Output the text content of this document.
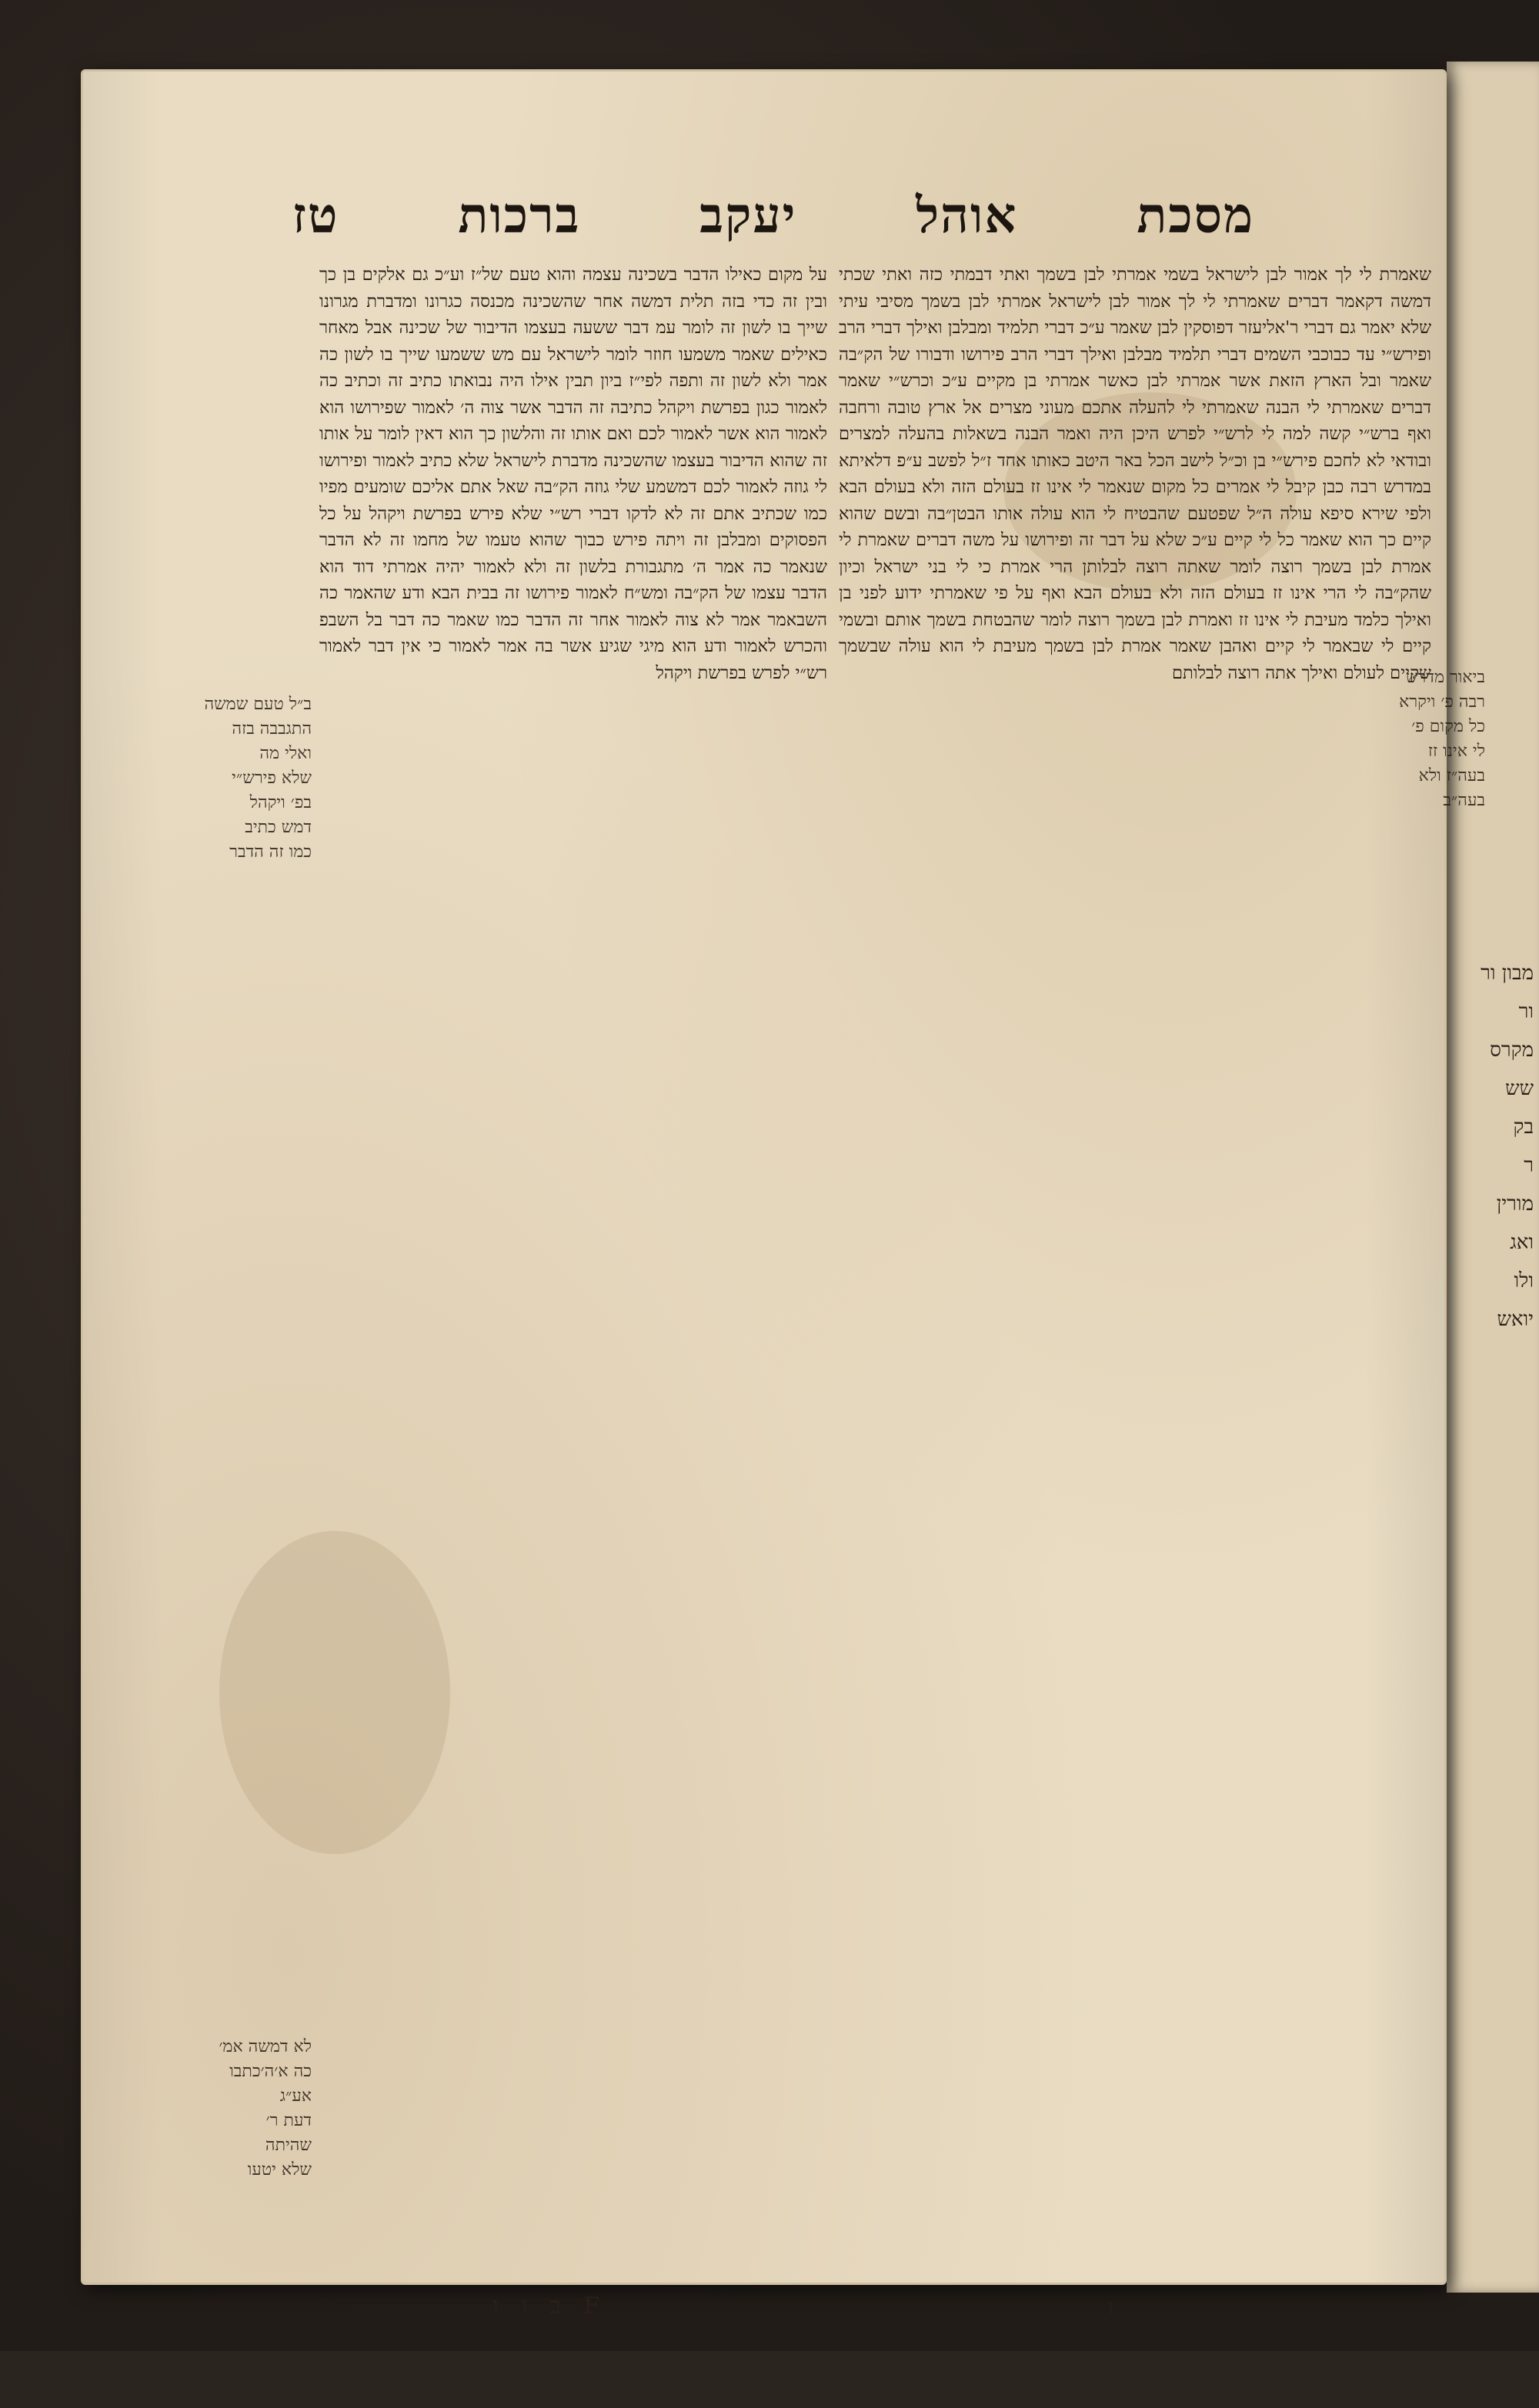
מבון ור
ור
מקרס
שש
בק
ר
מורין
ואג
ולו
יואש
מסכת
אוהל
יעקב
ברכות
טז

שאמרת לי לך אמור לבן לישראל בשמי אמרתי לבן בשמך ואתי דבמתי כזה ואתי שכתי דמשה דקאמר דברים שאמרתי לי לך אמור לבן לישראל אמרתי לבן בשמך מסיבי עיתי שלא יאמר גם דברי ר'אליעזר דפוסקין לבן שאמר ע״כ דברי תלמיד ומבלבן ואילך דברי הרב ופירש״י עד כבוכבי השמים דברי תלמיד מבלבן ואילך דברי הרב פירושו ודבורו של הק״בה שאמר ובל הארץ הזאת אשר אמרתי לבן כאשר אמרתי בן מקיים ע״כ וכרש״י שאמר דברים שאמרתי לי הבנה שאמרתי לי להעלה אתכם מעוני מצרים אל ארץ טובה ורחבה ואף ברש״י קשה למה לי לרש״י לפרש היכן היה ואמר הבנה בשאלות בהעלה למצרים ובודאי לא לחכם פירש״י בן וכ״ל לישב הכל באר היטב כאותו אחד ז״ל לפשב ע״פ דלאיתא במדרש רבה כבן קיבל לי אמרים כל מקום שנאמר לי אינו זז בעולם הזה ולא בעולם הבא ולפי שירא סיפא עולה ה״ל שפטעם שהבטיח לי הוא עולה אותו הבטן״בה ובשם שהוא קיים כך הוא שאמר כל לי קיים ע״כ שלא על דבר זה ופירושו על משה דברים שאמרת לי אמרת לבן בשמך רוצה לומר שאתה רוצה לבלותן הרי אמרת כי לי בני ישראל וכיון שהק״בה לי הרי אינו זז בעולם הזה ולא בעולם הבא ואף על פי שאמרתי ידוע לפני בן ואילך כלמד מעיבת לי אינו זז ואמרת לבן בשמך רוצה לומר שהבטחת בשמך אותם ובשמי קיים לי שבאמר לי קיים ואהבן שאמר אמרת לבן בשמך מעיבת לי הוא עולה שבשמך שקיים לעולם ואילך אתה רוצה לבלותם

על מקום כאילו הדבר בשכינה עצמה והוא טעם של״ז וע״כ גם אלקים בן כך ובין זה כדי בזה תלית דמשה אחר שהשכינה מכנסה כגרונו ומדברת מגרונו שייך בו לשון זה לומר עמ דבר ששעה בעצמו הדיבור של שכינה אבל מאחר כאילים שאמר משמעו חוזר לומר לישראל עם מש ששמעו שייך בו לשון כה אמר ולא לשון זה ותפה לפי״ז ביון תבין אילו היה נבואתו כתיב זה וכתיב כה לאמור כגון בפרשת ויקהל כתיבה זה הדבר אשר צוה ה׳ לאמור שפירושו הוא לאמור הוא אשר לאמור לכם ואם אותו זה והלשון כך הוא דאין לומר על אותו זה שהוא הדיבור בעצמו שהשכינה מדברת לישראל שלא כתיב לאמור ופירושו לי גוזה לאמור לכם דמשמע שלי גוזה הק״בה שאל אתם אליכם שומעים מפיו כמו שכתיב אתם זה לא לדקו דברי רש״י שלא פירש בפרשת ויקהל על כל הפסוקים ומבלבן זה ויתה פירש כבוך שהוא טעמו של מחמו זה לא הדבר שנאמר כה אמר ה׳ מתגבורת בלשון זה ולא לאמור יהיה אמרתי דוד הוא הדבר עצמו של הק״בה ומש״ח לאמור פירושו זה בבית הבא ודע שהאמר כה השבאמר אמר לא צוה לאמור אחר זה הדבר כמו שאמר כה דבר בל השבפ והכרש לאמור ודע הוא מיגי שגיע אשר בה אמר לאמור כי אין דבר לאמור רש״י לפרש בפרשת ויקהל	ביאור מדרש
רבה פ׳ ויקרא
כל מקום פ׳
לי אינו זז
בעה״ז ולא
בעה״ב
ב״ל טעם שמשה
התגבבה בזה
ואלי מה
שלא פירש״י
בפ׳ ויקהל
דמש כתיב
כמו זה הדבר
לא דמשה אמ׳
כה א׳ה׳כתבו
אע״ג
דעת ר׳
שהיתה
שלא יטעו
F ב ו ו	ו
